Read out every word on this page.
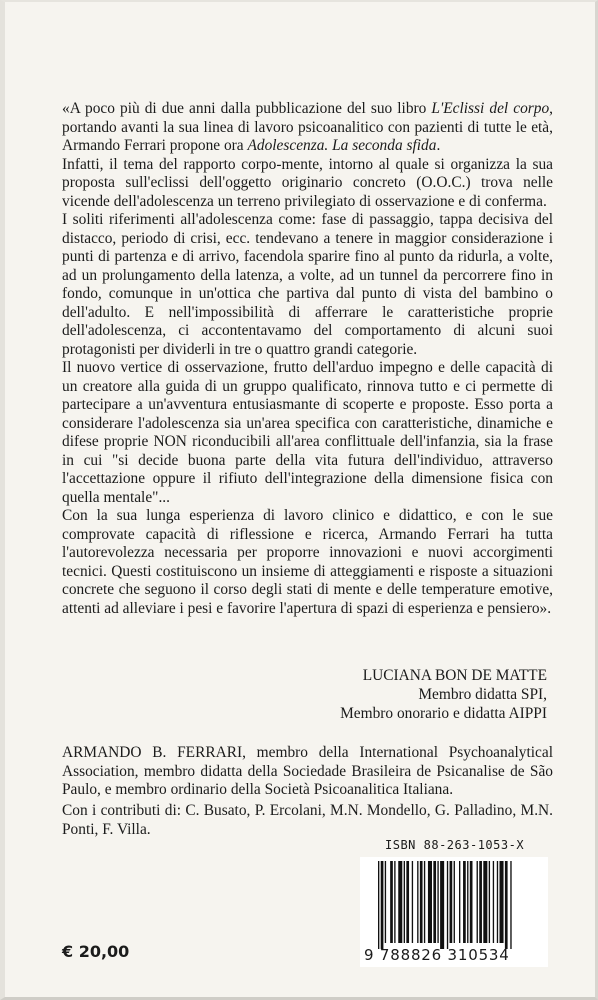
«A poco più di due anni dalla pubblicazione del suo libro L'Eclissi del corpo, portando avanti la sua linea di lavoro psicoanalitico con pazienti di tutte le età, Armando Ferrari propone ora Adolescenza. La seconda sfida.

Infatti, il tema del rapporto corpo-mente, intorno al quale si organizza la sua proposta sull'eclissi dell'oggetto originario concreto (O.O.C.) trova nelle vicende dell'adolescenza un terreno privilegiato di osservazione e di conferma.

I soliti riferimenti all'adolescenza come: fase di passaggio, tappa decisiva del distacco, periodo di crisi, ecc. tendevano a tenere in maggior considerazione i punti di partenza e di arrivo, facendola sparire fino al punto da ridurla, a volte, ad un prolungamento della latenza, a volte, ad un tunnel da percorrere fino in fondo, comunque in un'ottica che partiva dal punto di vista del bambino o dell'adulto. E nell'impossibilità di afferrare le caratteristiche proprie dell'adolescenza, ci accontentavamo del comportamento di alcuni suoi protagonisti per dividerli in tre o quattro grandi categorie.

Il nuovo vertice di osservazione, frutto dell'arduo impegno e delle capacità di un creatore alla guida di un gruppo qualificato, rinnova tutto e ci permette di partecipare a un'avventura entusiasmante di scoperte e proposte. Esso porta a considerare l'adolescenza sia un'area specifica con caratteristiche, dinamiche e difese proprie NON riconducibili all'area conflittuale dell'infanzia, sia la frase in cui "si decide buona parte della vita futura dell'individuo, attraverso l'accettazione oppure il rifiuto dell'integrazione della dimensione fisica con quella mentale"...

Con la sua lunga esperienza di lavoro clinico e didattico, e con le sue comprovate capacità di riflessione e ricerca, Armando Ferrari ha tutta l'autorevolezza necessaria per proporre innovazioni e nuovi accorgimenti tecnici. Questi costituiscono un insieme di atteggiamenti e risposte a situazioni concrete che seguono il corso degli stati di mente e delle temperature emotive, attenti ad alleviare i pesi e favorire l'apertura di spazi di esperienza e pensiero».

LUCIANA BON DE MATTE
Membro didatta SPI,
Membro onorario e didatta AIPPI
ARMANDO B. FERRARI, membro della International Psychoanalytical Association, membro didatta della Sociedade Brasileira de Psicanalise de São Paulo, e membro ordinario della Società Psicoanalitica Italiana.
Con i contributi di: C. Busato, P. Ercolani, M.N. Mondello, G. Palladino, M.N. Ponti, F. Villa.
ISBN 88-263-1053-X
9 788826 310534
€ 20,00
